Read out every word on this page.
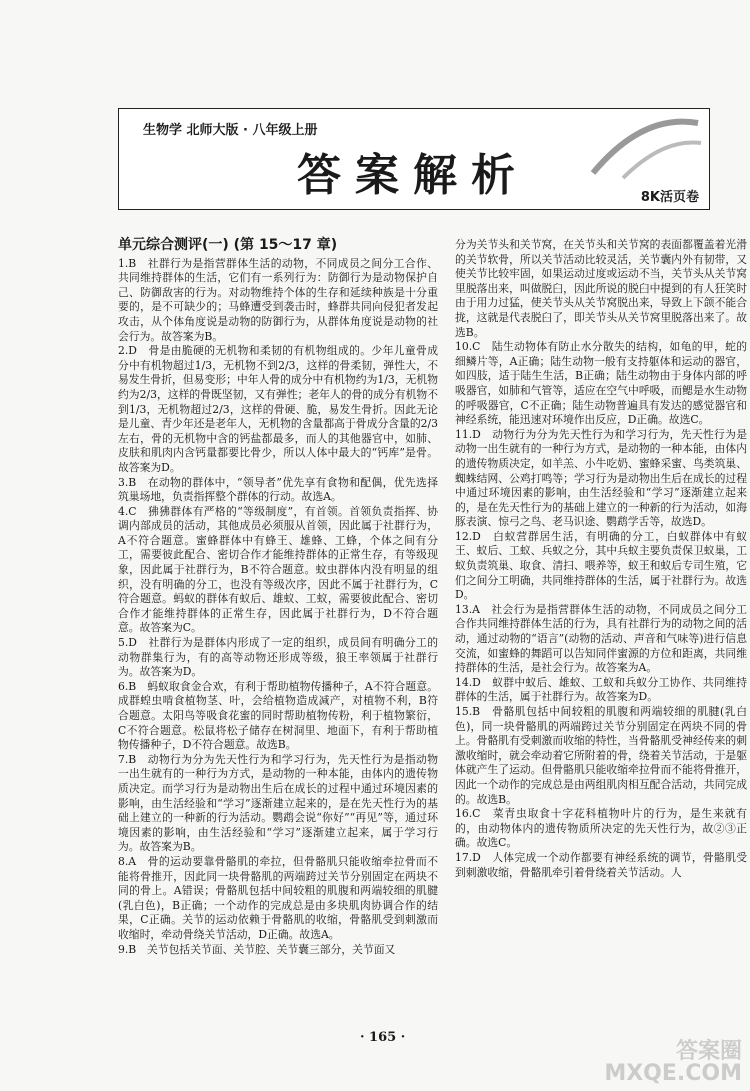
生物学 北师大版 · 八年级上册
答案解析	8K活页卷
单元综合测评(一) (第 15～17 章)

1.B　社群行为是指营群体生活的动物，不同成员之间分工合作、共同维持群体的生活，它们有一系列行为：防御行为是动物保护自己、防御敌害的行为。对动物维持个体的生存和延续种族是十分重要的，是不可缺少的；马蜂遭受到袭击时，蜂群共同向侵犯者发起攻击，从个体角度说是动物的防御行为，从群体角度说是动物的社会行为。故答案为B。

2.D　骨是由脆硬的无机物和柔韧的有机物组成的。少年儿童骨成分中有机物超过1/3，无机物不到2/3，这样的骨柔韧，弹性大，不易发生骨折，但易变形；中年人骨的成分中有机物约为1/3，无机物约为2/3，这样的骨既坚韧，又有弹性；老年人的骨的成分有机物不到1/3，无机物超过2/3，这样的骨硬、脆，易发生骨折。因此无论是儿童、青少年还是老年人，无机物的含量都高于骨成分含量的2/3左右，骨的无机物中含的钙盐都最多，而人的其他器官中，如肺、皮肤和肌肉内含钙量都要比骨少，所以人体中最大的“钙库”是骨。故答案为D。

3.B　在动物的群体中，“领导者”优先享有食物和配偶，优先选择筑巢场地，负责指挥整个群体的行动。故选A。

4.C　狒狒群体有严格的“等级制度”，有首领。首领负责指挥、协调内部成员的活动，其他成员必须服从首领，因此属于社群行为，A不符合题意。蜜蜂群体中有蜂王、雄蜂、工蜂，个体之间有分工，需要彼此配合、密切合作才能维持群体的正常生存，有等级现象，因此属于社群行为，B不符合题意。蚊虫群体内没有明显的组织，没有明确的分工，也没有等级次序，因此不属于社群行为，C符合题意。蚂蚁的群体有蚁后、雄蚁、工蚁，需要彼此配合、密切合作才能维持群体的正常生存，因此属于社群行为，D不符合题意。故答案为C。

5.D　社群行为是群体内形成了一定的组织，成员间有明确分工的动物群集行为，有的高等动物还形成等级，狼王率领属于社群行为。故答案为D。

6.B　蚂蚁取食金合欢，有利于帮助植物传播种子，A不符合题意。成群蝗虫啃食植物茎、叶，会给植物造成减产，对植物不利，B符合题意。太阳鸟等吸食花蜜的同时帮助植物传粉，利于植物繁衍，C不符合题意。松鼠将松子储存在树洞里、地面下，有利于帮助植物传播种子，D不符合题意。故选B。

7.B　动物行为分为先天性行为和学习行为，先天性行为是指动物一出生就有的一种行为方式，是动物的一种本能，由体内的遗传物质决定。而学习行为是动物出生后在成长的过程中通过环境因素的影响，由生活经验和“学习”逐渐建立起来的，是在先天性行为的基础上建立的一种新的行为活动。鹦鹉会说“你好”“再见”等，通过环境因素的影响，由生活经验和“学习”逐渐建立起来，属于学习行为。故答案为B。

8.A　骨的运动要靠骨骼肌的牵拉，但骨骼肌只能收缩牵拉骨而不能将骨推开，因此同一块骨骼肌的两端跨过关节分别固定在两块不同的骨上。A错误；骨骼肌包括中间较粗的肌腹和两端较细的肌腱(乳白色)，B正确；一个动作的完成总是由多块肌肉协调合作的结果，C正确。关节的运动依赖于骨骼肌的收缩，骨骼肌受到刺激而收缩时，牵动骨绕关节活动，D正确。故选A。

9.B　关节包括关节面、关节腔、关节囊三部分，关节面又

分为关节头和关节窝，在关节头和关节窝的表面都覆盖着光滑的关节软骨，所以关节活动比较灵活，关节囊内外有韧带，又使关节比较牢固，如果运动过度或运动不当，关节头从关节窝里脱落出来，叫做脱臼，因此所说的脱臼中提到的有人狂笑时由于用力过猛，使关节头从关节窝脱出来，导致上下颌不能合拢，这就是代表脱臼了，即关节头从关节窝里脱落出来了。故选B。

10.C　陆生动物体有防止水分散失的结构，如龟的甲，蛇的细鳞片等，A正确；陆生动物一般有支持躯体和运动的器官，如四肢，适于陆生生活，B正确；陆生动物由于身体内部的呼吸器官，如肺和气管等，适应在空气中呼吸，而鳃是水生动物的呼吸器官，C不正确；陆生动物普遍具有发达的感觉器官和神经系统，能迅速对环境作出反应，D正确。故选C。

11.D　动物行为分为先天性行为和学习行为，先天性行为是动物一出生就有的一种行为方式，是动物的一种本能，由体内的遗传物质决定，如羊羔、小牛吃奶、蜜蜂采蜜、鸟类筑巢、蜘蛛结网、公鸡打鸣等；学习行为是动物出生后在成长的过程中通过环境因素的影响，由生活经验和“学习”逐渐建立起来的，是在先天性行为的基础上建立的一种新的行为活动，如海豚表演、惊弓之鸟、老马识途、鹦鹉学舌等，故选D。

12.D　白蚁营群居生活，有明确的分工，白蚁群体中有蚁王、蚁后、工蚁、兵蚁之分，其中兵蚁主要负责保卫蚁巢，工蚁负责筑巢、取食、清扫、喂养等，蚁王和蚁后专司生殖，它们之间分工明确，共同维持群体的生活，属于社群行为。故选D。

13.A　社会行为是指营群体生活的动物，不同成员之间分工合作共同维持群体生活的行为，具有社群行为的动物之间的活动，通过动物的“语言”(动物的活动、声音和气味等)进行信息交流，如蜜蜂的舞蹈可以告知同伴蜜源的方位和距离，共同维持群体的生活，是社会行为。故答案为A。

14.D　蚁群中蚁后、雄蚁、工蚁和兵蚁分工协作、共同维持群体的生活，属于社群行为。故答案为D。

15.B　骨骼肌包括中间较粗的肌腹和两端较细的肌腱(乳白色)，同一块骨骼肌的两端跨过关节分别固定在两块不同的骨上。骨骼肌有受刺激而收缩的特性，当骨骼肌受神经传来的刺激收缩时，就会牵动着它所附着的骨，绕着关节活动，于是躯体就产生了运动。但骨骼肌只能收缩牵拉骨而不能将骨推开，因此一个动作的完成总是由两组肌肉相互配合活动，共同完成的。故选B。

16.C　菜青虫取食十字花科植物叶片的行为，是生来就有的，由动物体内的遗传物质所决定的先天性行为，故②③正确。故选C。

17.D　人体完成一个动作都要有神经系统的调节，骨骼肌受到刺激收缩，骨骼肌牵引着骨绕着关节活动。人

· 165 ·
答案圈
MXQE.COM
